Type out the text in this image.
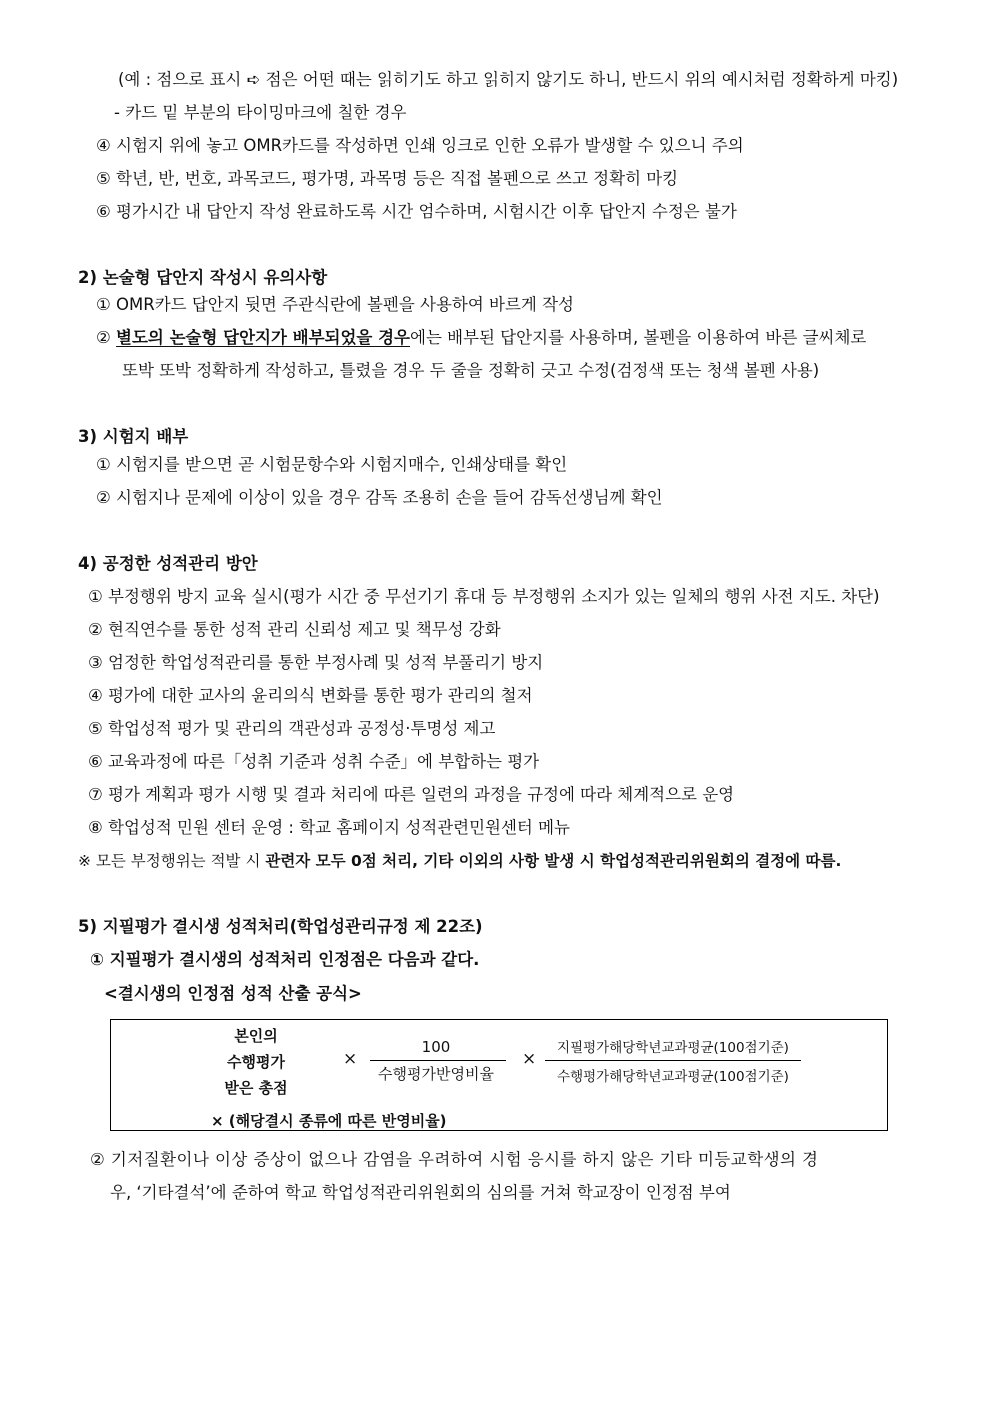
(예 : 점으로 표시 ➪ 점은 어떤 때는 읽히기도 하고 읽히지 않기도 하니, 반드시 위의 예시처럼 정확하게 마킹)
- 카드 밑 부분의 타이밍마크에 칠한 경우
④ 시험지 위에 놓고 OMR카드를 작성하면 인쇄 잉크로 인한 오류가 발생할 수 있으니 주의
⑤ 학년, 반, 번호, 과목코드, 평가명, 과목명 등은 직접 볼펜으로 쓰고 정확히 마킹
⑥ 평가시간 내 답안지 작성 완료하도록 시간 엄수하며, 시험시간 이후 답안지 수정은 불가
2) 논술형 답안지 작성시 유의사항
① OMR카드 답안지 뒷면 주관식란에 볼펜을 사용하여 바르게 작성
② 별도의 논술형 답안지가 배부되었을 경우에는 배부된 답안지를 사용하며, 볼펜을 이용하여 바른 글씨체로
또박 또박 정확하게 작성하고, 틀렸을 경우 두 줄을 정확히 긋고 수정(검정색 또는 청색 볼펜 사용)
3) 시험지 배부
① 시험지를 받으면 곧 시험문항수와 시험지매수, 인쇄상태를 확인
② 시험지나 문제에 이상이 있을 경우 감독 조용히 손을 들어 감독선생님께 확인
4) 공정한 성적관리 방안
① 부정행위 방지 교육 실시(평가 시간 중 무선기기 휴대 등 부정행위 소지가 있는 일체의 행위 사전 지도. 차단)
② 현직연수를 통한 성적 관리 신뢰성 제고 및 책무성 강화
③ 엄정한 학업성적관리를 통한 부정사례 및 성적 부풀리기 방지
④ 평가에 대한 교사의 윤리의식 변화를 통한 평가 관리의 철저
⑤ 학업성적 평가 및 관리의 객관성과 공정성·투명성 제고
⑥ 교육과정에 따른「성취 기준과 성취 수준」에 부합하는 평가
⑦ 평가 계획과 평가 시행 및 결과 처리에 따른 일련의 과정을 규정에 따라 체계적으로 운영
⑧ 학업성적 민원 센터 운영 : 학교 홈페이지 성적관련민원센터 메뉴
※ 모든 부정행위는 적발 시 관련자 모두 0점 처리, 기타 이외의 사항 발생 시 학업성적관리위원회의 결정에 따름.
5) 지필평가 결시생 성적처리(학업성관리규정 제 22조)
① 지필평가 결시생의 성적처리 인정점은 다음과 같다.
<결시생의 인정점 성적 산출 공식>
본인의
수행평가
받은 총점
×
100
수행평가반영비율
×
지필평가해당학년교과평균(100점기준)
수행평가해당학년교과평균(100점기준)
× (해당결시 종류에 따른 반영비율)
② 기저질환이나 이상 증상이 없으나 감염을 우려하여 시험 응시를 하지 않은 기타 미등교학생의 경
우, ‘기타결석’에 준하여 학교 학업성적관리위원회의 심의를 거쳐 학교장이 인정점 부여
